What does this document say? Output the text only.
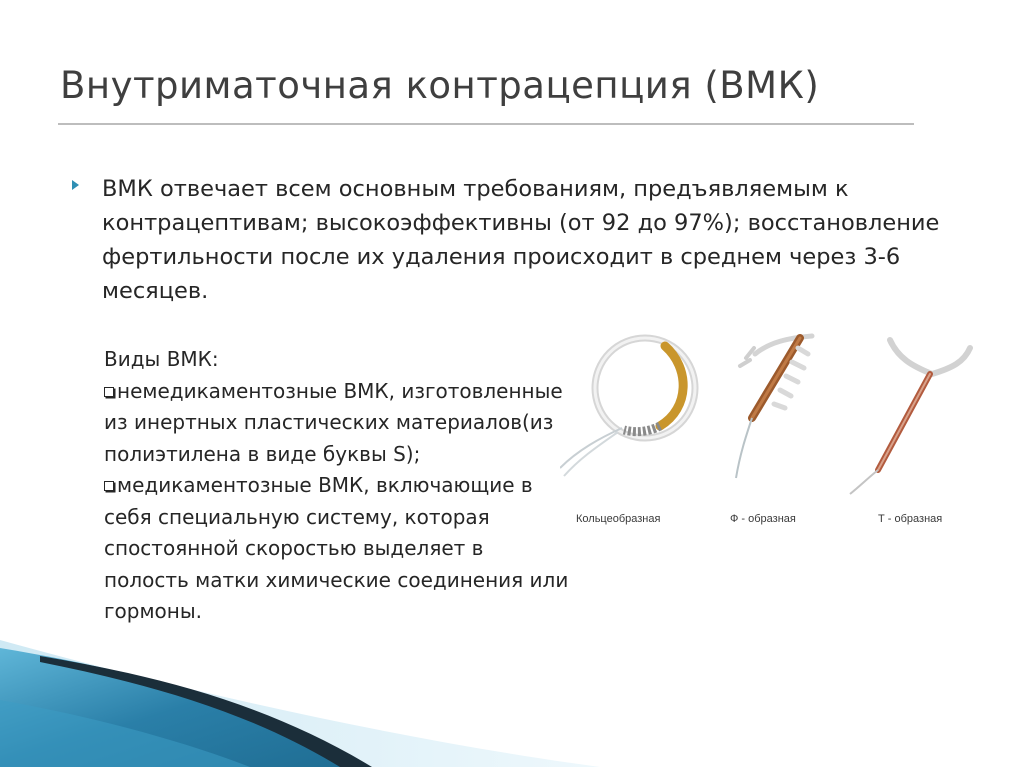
Внутриматочная контрацепция (ВМК)

ВМК отвечает всем основным требованиям, предъявляемым к контрацептивам; высокоэффективны (от 92 до 97%); восстановление фертильности после их удаления происходит в среднем через 3-6 месяцев.

Виды ВМК:

немедикаментозные ВМК, изготовленные из инертных пластических материалов(из полиэтилена в виде буквы S);

медикаментозные ВМК, включающие в себя специальную систему, которая спостоянной скоростью выделяет в полость матки химические соединения или гормоны.

Кольцеобразная	Ф - образная	Т - образная
